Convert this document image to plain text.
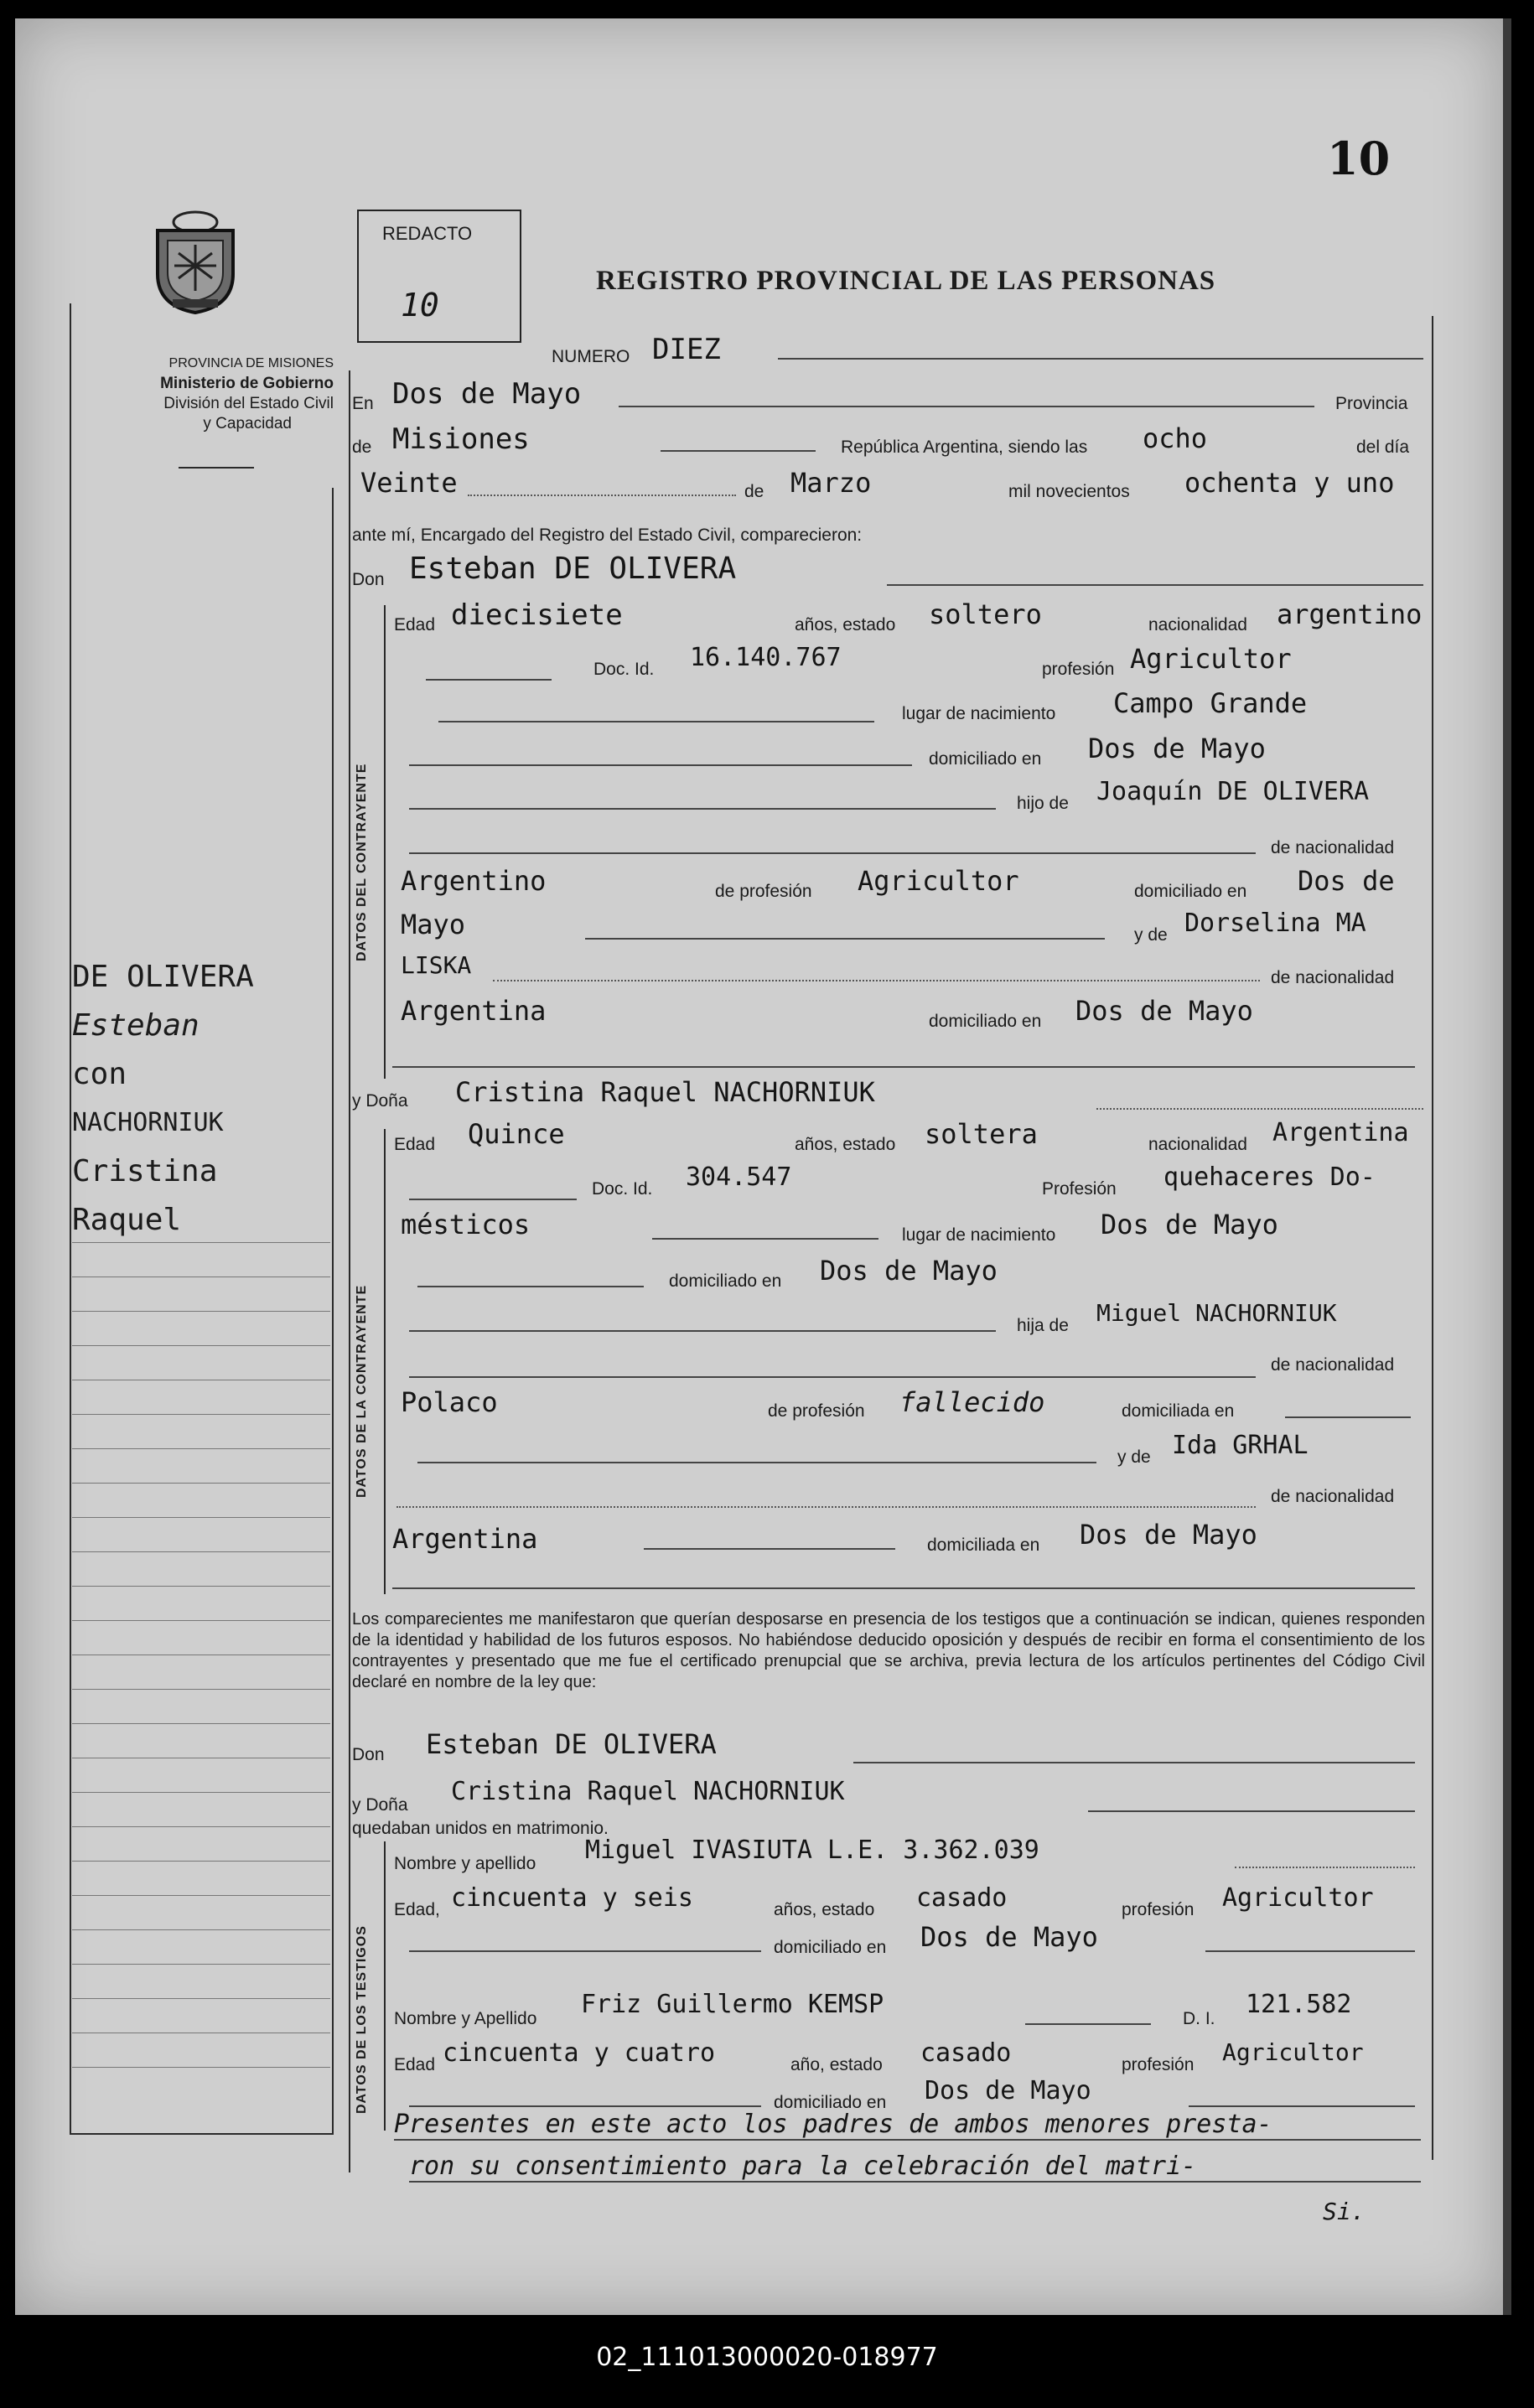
10
PROVINCIA DE MISIONES
Ministerio de Gobierno
División del Estado Civil
y Capacidad
REDACTO
10
REGISTRO PROVINCIAL DE LAS PERSONAS
DE OLIVERA
Esteban
con
NACHORNIUK
Cristina
Raquel
NUMERO DIEZ
En Dos de Mayo	Provincia
de Misiones	República Argentina, siendo las ocho	del día
Veinte	de Marzo	mil novecientos ochenta y uno
ante mí, Encargado del Registro del Estado Civil, comparecieron:
Don Esteban DE OLIVERA
DATOS DEL CONTRAYENTE
Edad diecisiete	años, estado soltero	nacionalidad argentino
Doc. Id. 16.140.767	profesión Agricultor
lugar de nacimiento Campo Grande
domiciliado en Dos de Mayo
hijo de Joaquín DE OLIVERA
de nacionalidad
Argentino	de profesión Agricultor	domiciliado en Dos de
Mayo	y de Dorselina MA
LISKA	de nacionalidad
Argentina	domiciliado en Dos de Mayo
y Doña Cristina Raquel NACHORNIUK
DATOS DE LA CONTRAYENTE
Edad Quince	años, estado soltera	nacionalidad Argentina
Doc. Id. 304.547	Profesión quehaceres Do-
mésticos	lugar de nacimiento Dos de Mayo
domiciliado en Dos de Mayo
hija de Miguel NACHORNIUK
de nacionalidad
Polaco	de profesión fallecido	domiciliada en
y de Ida GRHAL
de nacionalidad
Argentina	domiciliada en Dos de Mayo
Los comparecientes me manifestaron que querían desposarse en presencia de los testigos que a continuación se indican, quienes responden de la identidad y habilidad de los futuros esposos. No habiéndose deducido oposición y después de recibir en forma el consentimiento de los contrayentes y presentado que me fue el certificado prenupcial que se archiva, previa lectura de los artículos pertinentes del Código Civil declaré en nombre de la ley que:
Don Esteban DE OLIVERA
y Doña Cristina Raquel NACHORNIUK
quedaban unidos en matrimonio.
DATOS DE LOS TESTIGOS
Nombre y apellido Miguel IVASIUTA L.E. 3.362.039
Edad, cincuenta y seis	años, estado casado	profesión Agricultor
domiciliado en Dos de Mayo
Nombre y Apellido Friz Guillermo KEMSP	D. I. 121.582
Edad cincuenta y cuatro	año, estado casado	profesión Agricultor
domiciliado en Dos de Mayo
Presentes en este acto los padres de ambos menores presta-
ron su consentimiento para la celebración del matri-
Si.
02_111013000020-018977
